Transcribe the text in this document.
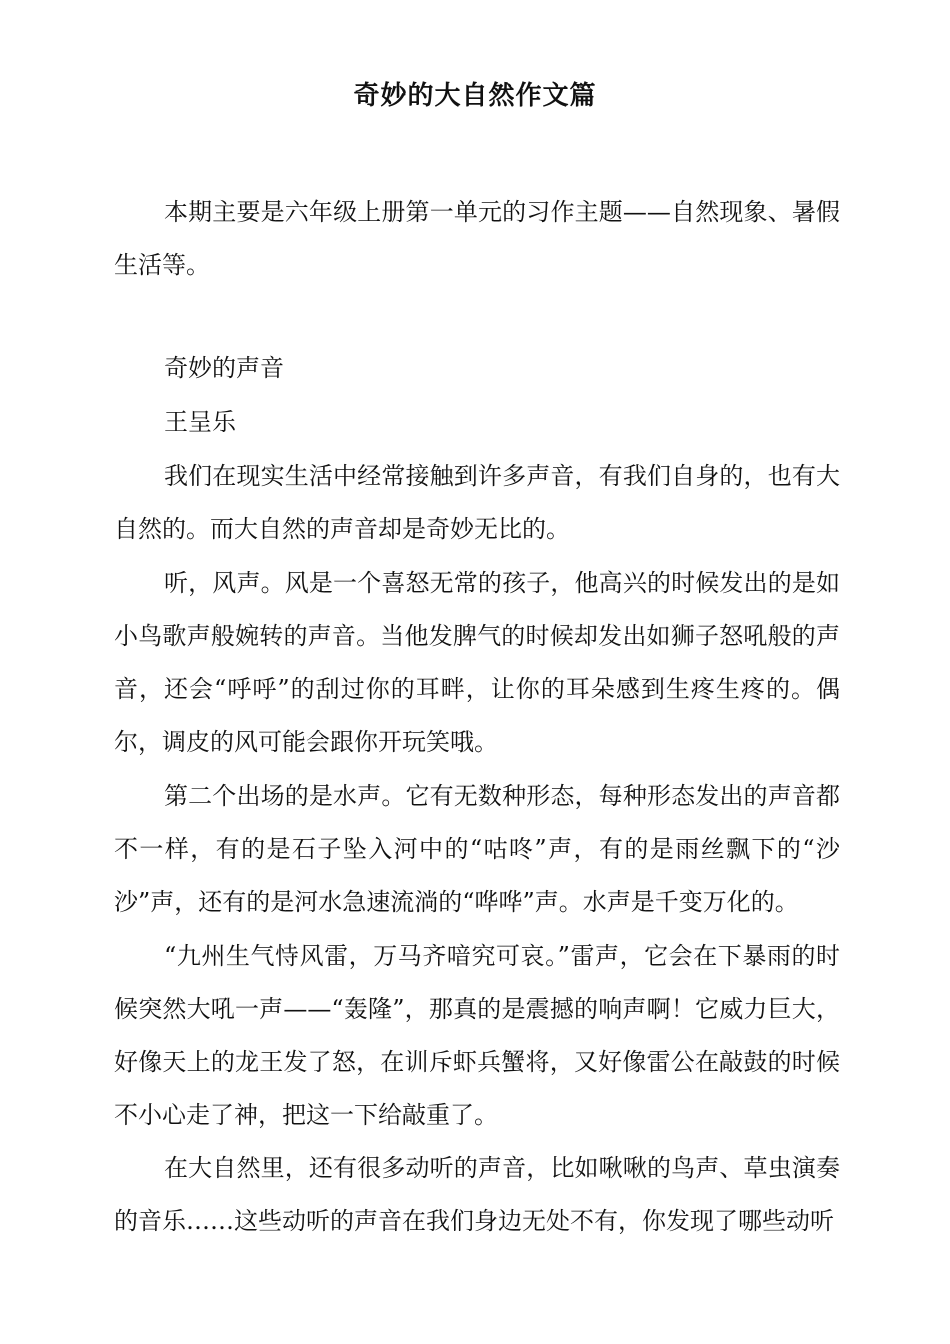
奇妙的大自然作文篇

本期主要是六年级上册第一单元的习作主题——自然现象、暑假生活等。

奇妙的声音

王呈乐

我们在现实生活中经常接触到许多声音，有我们自身的，也有大自然的。而大自然的声音却是奇妙无比的。

听，风声。风是一个喜怒无常的孩子，他高兴的时候发出的是如小鸟歌声般婉转的声音。当他发脾气的时候却发出如狮子怒吼般的声音，还会“呼呼”的刮过你的耳畔，让你的耳朵感到生疼生疼的。偶尔，调皮的风可能会跟你开玩笑哦。

第二个出场的是水声。它有无数种形态，每种形态发出的声音都不一样，有的是石子坠入河中的“咕咚”声，有的是雨丝飘下的“沙沙”声，还有的是河水急速流淌的“哗哗”声。水声是千变万化的。

“九州生气恃风雷，万马齐喑究可哀。”雷声，它会在下暴雨的时候突然大吼一声——“轰隆”，那真的是震撼的响声啊！它威力巨大，好像天上的龙王发了怒，在训斥虾兵蟹将，又好像雷公在敲鼓的时候不小心走了神，把这一下给敲重了。

在大自然里，还有很多动听的声音，比如啾啾的鸟声、草虫演奏的音乐……这些动听的声音在我们身边无处不有，你发现了哪些动听
